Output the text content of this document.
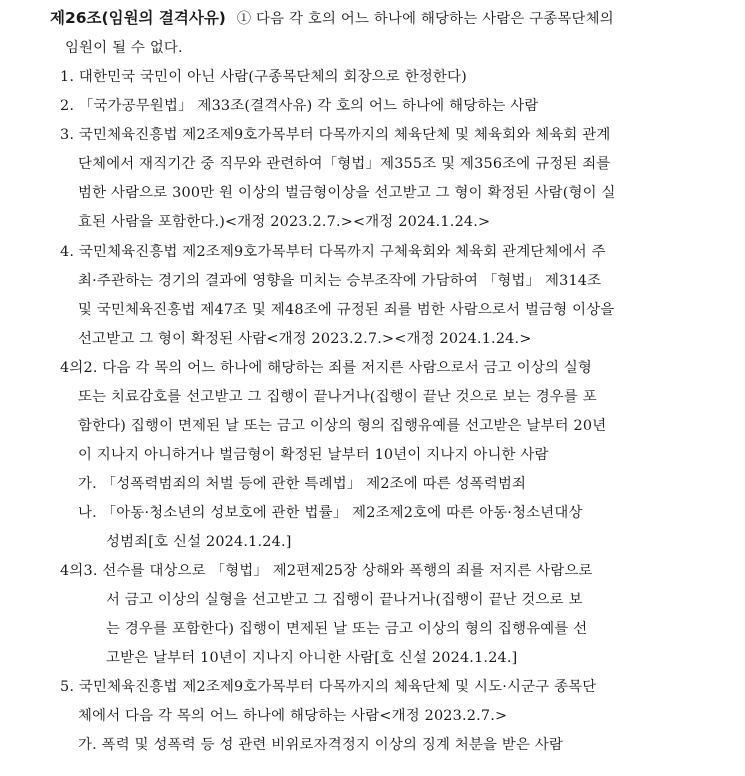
제26조(임원의 결격사유) ① 다음 각 호의 어느 하나에 해당하는 사람은 구종목단체의
임원이 될 수 없다.
1. 대한민국 국민이 아닌 사람(구종목단체의 회장으로 한정한다)
2. 「국가공무원법」 제33조(결격사유) 각 호의 어느 하나에 해당하는 사람
3. 국민체육진흥법 제2조제9호가목부터 다목까지의 체육단체 및 체육회와 체육회 관계
단체에서 재직기간 중 직무와 관련하여「형법」제355조 및 제356조에 규정된 죄를
범한 사람으로 300만 원 이상의 벌금형이상을 선고받고 그 형이 확정된 사람(형이 실
효된 사람을 포함한다.)<개정 2023.2.7.><개정 2024.1.24.>
4. 국민체육진흥법 제2조제9호가목부터 다목까지 구체육회와 체육회 관계단체에서 주
최·주관하는 경기의 결과에 영향을 미치는 승부조작에 가담하여 「형법」 제314조
및 국민체육진흥법 제47조 및 제48조에 규정된 죄를 범한 사람으로서 벌금형 이상을
선고받고 그 형이 확정된 사람<개정 2023.2.7.><개정 2024.1.24.>
4의2. 다음 각 목의 어느 하나에 해당하는 죄를 저지른 사람으로서 금고 이상의 실형
또는 치료감호를 선고받고 그 집행이 끝나거나(집행이 끝난 것으로 보는 경우를 포
함한다) 집행이 면제된 날 또는 금고 이상의 형의 집행유예를 선고받은 날부터 20년
이 지나지 아니하거나 벌금형이 확정된 날부터 10년이 지나지 아니한 사람
가. 「성폭력범죄의 처벌 등에 관한 특례법」 제2조에 따른 성폭력범죄
나. 「아동·청소년의 성보호에 관한 법률」 제2조제2호에 따른 아동·청소년대상
성범죄[호 신설 2024.1.24.]
4의3. 선수를 대상으로 「형법」 제2편제25장 상해와 폭행의 죄를 저지른 사람으로
서 금고 이상의 실형을 선고받고 그 집행이 끝나거나(집행이 끝난 것으로 보
는 경우를 포함한다) 집행이 면제된 날 또는 금고 이상의 형의 집행유예를 선
고받은 날부터 10년이 지나지 아니한 사람[호 신설 2024.1.24.]
5. 국민체육진흥법 제2조제9호가목부터 다목까지의 체육단체 및 시도·시군구 종목단
체에서 다음 각 목의 어느 하나에 해당하는 사람<개정 2023.2.7.>
가. 폭력 및 성폭력 등 성 관련 비위로자격정지 이상의 징계 처분을 받은 사람
